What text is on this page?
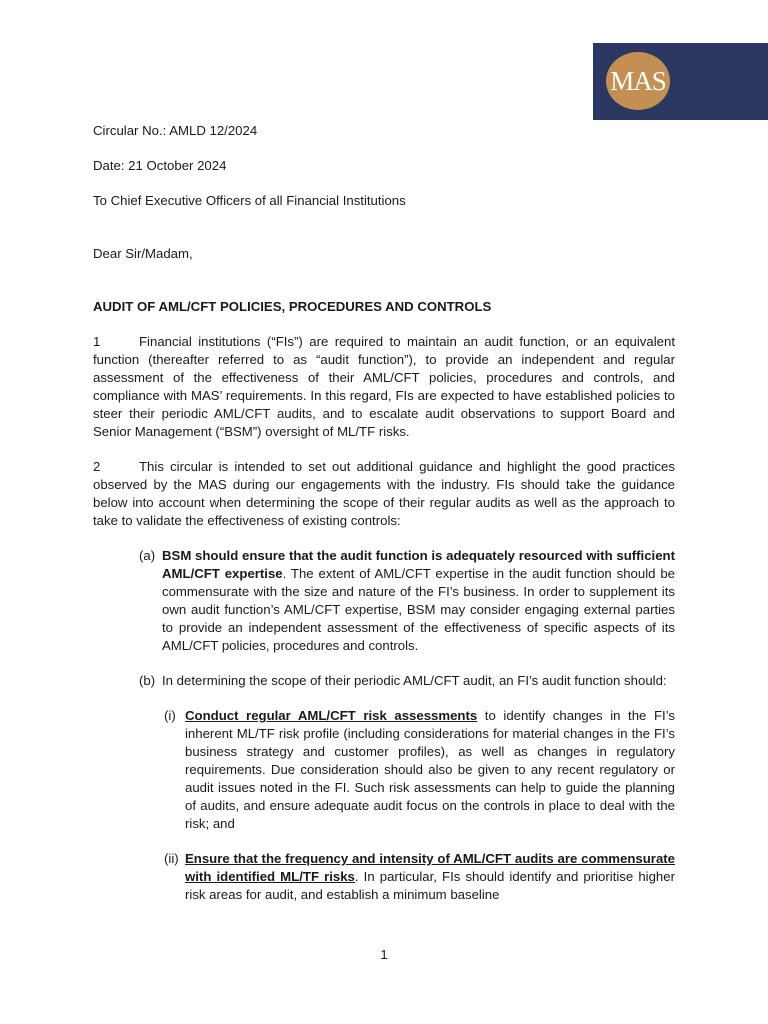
MAS

Circular No.: AMLD 12/2024

Date: 21 October 2024

To Chief Executive Officers of all Financial Institutions

Dear Sir/Madam,

AUDIT OF AML/CFT POLICIES, PROCEDURES AND CONTROLS

1	Financial institutions (“FIs”) are required to maintain an audit function, or an equivalent function (thereafter referred to as “audit function”), to provide an independent and regular assessment of the effectiveness of their AML/CFT policies, procedures and controls, and compliance with MAS’ requirements. In this regard, FIs are expected to have established policies to steer their periodic AML/CFT audits, and to escalate audit observations to support Board and Senior Management (“BSM”) oversight of ML/TF risks.

2	This circular is intended to set out additional guidance and highlight the good practices observed by the MAS during our engagements with the industry. FIs should take the guidance below into account when determining the scope of their regular audits as well as the approach to take to validate the effectiveness of existing controls:

(a) BSM should ensure that the audit function is adequately resourced with sufficient AML/CFT expertise. The extent of AML/CFT expertise in the audit function should be commensurate with the size and nature of the FI’s business. In order to supplement its own audit function’s AML/CFT expertise, BSM may consider engaging external parties to provide an independent assessment of the effectiveness of specific aspects of its AML/CFT policies, procedures and controls.

(b) In determining the scope of their periodic AML/CFT audit, an FI’s audit function should:

(i) Conduct regular AML/CFT risk assessments to identify changes in the FI’s inherent ML/TF risk profile (including considerations for material changes in the FI’s business strategy and customer profiles), as well as changes in regulatory requirements. Due consideration should also be given to any recent regulatory or audit issues noted in the FI. Such risk assessments can help to guide the planning of audits, and ensure adequate audit focus on the controls in place to deal with the risk; and

(ii) Ensure that the frequency and intensity of AML/CFT audits are commensurate with identified ML/TF risks. In particular, FIs should identify and prioritise higher risk areas for audit, and establish a minimum baseline

1
